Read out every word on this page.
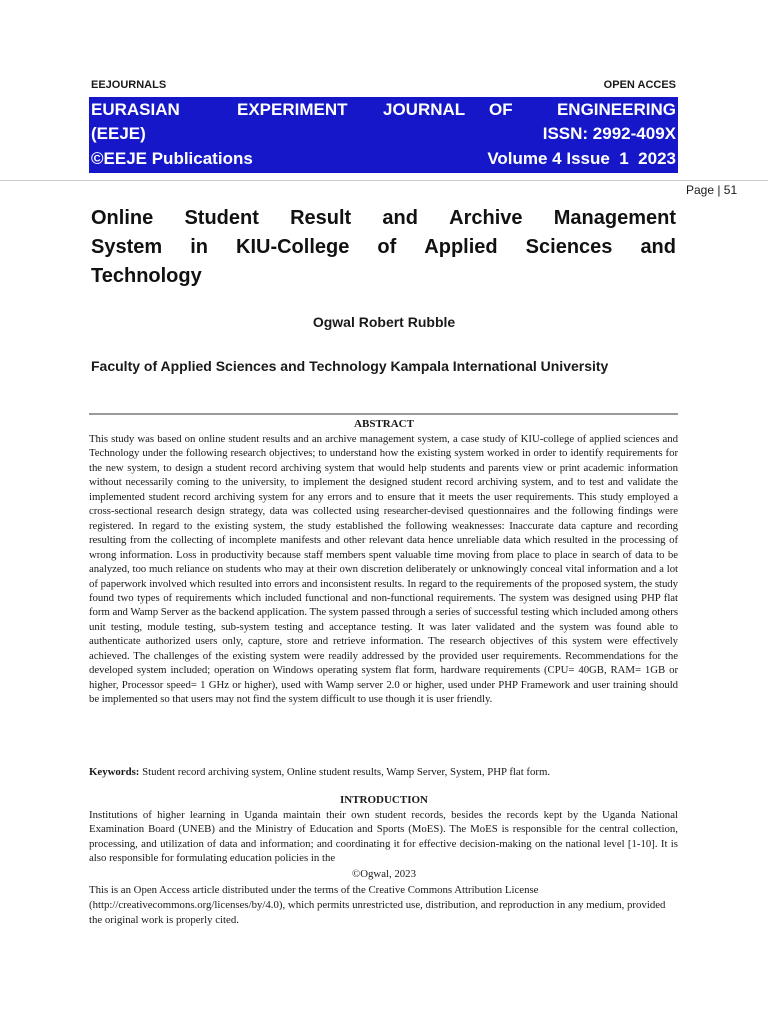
EEJOURNALS	OPEN ACCES
EURASIAN	EXPERIMENT JOURNAL OF	ENGINEERING
(EEJE)	ISSN: 2992-409X
©EEJE Publications	Volume 4 Issue  1  2023
Page | 51
Online Student Result and Archive Management
System in KIU-College of Applied Sciences and
Technology
Ogwal Robert Rubble
Faculty of Applied Sciences and Technology Kampala International University
ABSTRACT

This study was based on online student results and an archive management system, a case study of KIU-college of applied sciences and Technology under the following research objectives; to understand how the existing system worked in order to identify requirements for the new system, to design a student record archiving system that would help students and parents view or print academic information without necessarily coming to the university, to implement the designed student record archiving system, and to test and validate the implemented student record archiving system for any errors and to ensure that it meets the user requirements. This study employed a cross-sectional research design strategy, data was collected using researcher-devised questionnaires and the following findings were registered. In regard to the existing system, the study established the following weaknesses: Inaccurate data capture and recording resulting from the collecting of incomplete manifests and other relevant data hence unreliable data which resulted in the processing of wrong information. Loss in productivity because staff members spent valuable time moving from place to place in search of data to be analyzed, too much reliance on students who may at their own discretion deliberately or unknowingly conceal vital information and a lot of paperwork involved which resulted into errors and inconsistent results. In regard to the requirements of the proposed system, the study found two types of requirements which included functional and non-functional requirements. The system was designed using PHP flat form and Wamp Server as the backend application. The system passed through a series of successful testing which included among others unit testing, module testing, sub-system testing and acceptance testing. It was later validated and the system was found able to authenticate authorized users only, capture, store and retrieve information. The research objectives of this system were effectively achieved. The challenges of the existing system were readily addressed by the provided user requirements. Recommendations for the developed system included; operation on Windows operating system flat form, hardware requirements (CPU= 40GB, RAM= 1GB or higher, Processor speed= 1 GHz or higher), used with Wamp server 2.0 or higher, used under PHP Framework and user training should be implemented so that users may not find the system difficult to use though it is user friendly.

Keywords: Student record archiving system, Online student results, Wamp Server, System, PHP flat form.
INTRODUCTION

Institutions of higher learning in Uganda maintain their own student records, besides the records kept by the Uganda National Examination Board (UNEB) and the Ministry of Education and Sports (MoES). The MoES is responsible for the central collection, processing, and utilization of data and information; and coordinating it for effective decision-making on the national level [1-10]. It is also responsible for formulating education policies in the

©Ogwal, 2023

This is an Open Access article distributed under the terms of the Creative Commons Attribution License (http://creativecommons.org/licenses/by/4.0), which permits unrestricted use, distribution, and reproduction in any medium, provided the original work is properly cited.
